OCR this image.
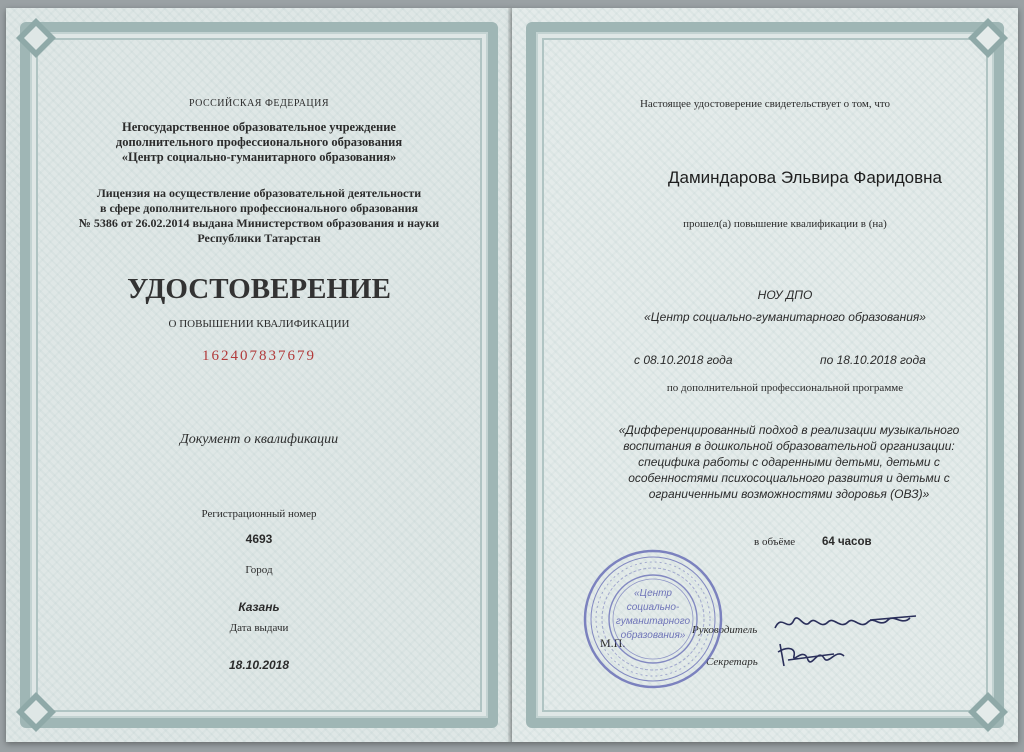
РОССИЙСКАЯ ФЕДЕРАЦИЯ
Негосударственное образовательное учреждение
дополнительного профессионального образования
«Центр социально-гуманитарного образования»
Лицензия на осуществление образовательной деятельности
в сфере дополнительного профессионального образования
№ 5386 от 26.02.2014 выдана Министерством образования и науки
Республики Татарстан
УДОСТОВЕРЕНИЕ
О ПОВЫШЕНИИ КВАЛИФИКАЦИИ
162407837679
Документ о квалификации
Регистрационный номер
4693
Город
Казань
Дата выдачи
18.10.2018
Настоящее удостоверение свидетельствует о том, что
Даминдарова Эльвира Фаридовна
прошел(а) повышение квалификации в (на)
НОУ ДПО
«Центр социально-гуманитарного образования»
с 08.10.2018 года	по 18.10.2018 года
по дополнительной профессиональной программе
«Дифференцированный подход в реализации музыкального
воспитания в дошкольной образовательной организации:
специфика работы с одаренными детьми, детьми с
особенностями психосоциального развития и детьми с
ограниченными возможностями здоровья (ОВЗ)»
в объёме	64 часов
М.П.
Руководитель
Секретарь
«Центр
социально-
гуманитарного
образования»
